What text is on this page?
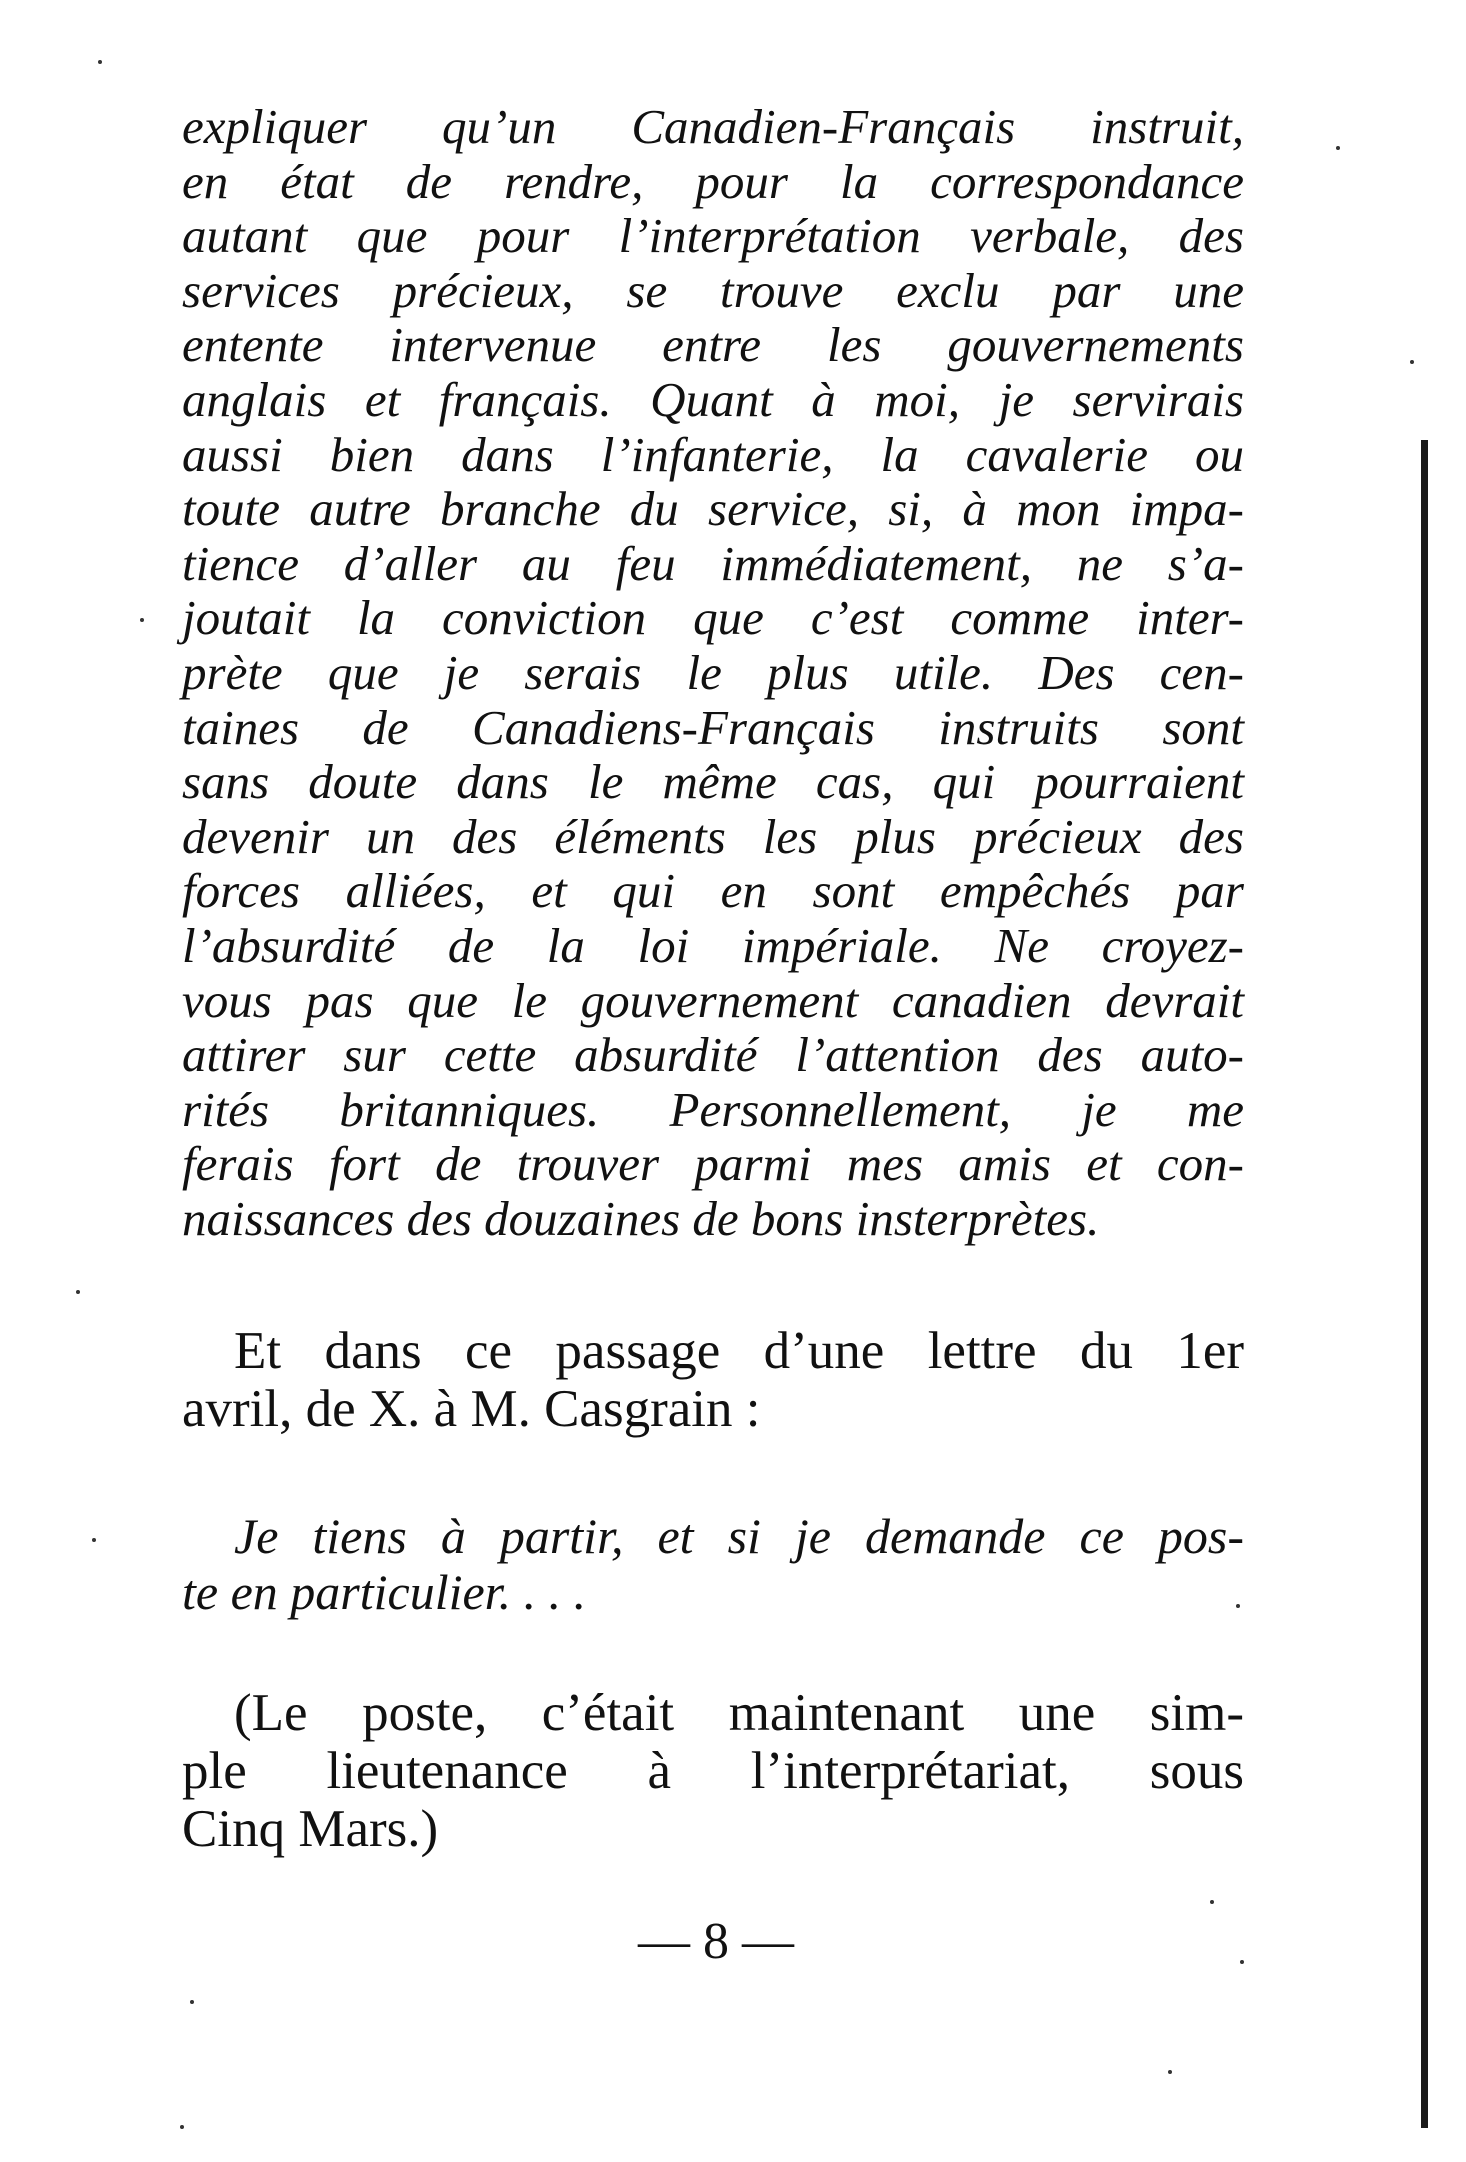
expliquer qu’un Canadien-Français instruit,
en état de rendre, pour la correspondance
autant que pour l’interprétation verbale, des
services précieux, se trouve exclu par une
entente intervenue entre les gouvernements
anglais et français. Quant à moi, je servirais
aussi bien dans l’infanterie, la cavalerie ou
toute autre branche du service, si, à mon impa-
tience d’aller au feu immédiatement, ne s’a-
joutait la conviction que c’est comme inter-
prète que je serais le plus utile. Des cen-
taines de Canadiens-Français instruits sont
sans doute dans le même cas, qui pourraient
devenir un des éléments les plus précieux des
forces alliées, et qui en sont empêchés par
l’absurdité de la loi impériale. Ne croyez-
vous pas que le gouvernement canadien devrait
attirer sur cette absurdité l’attention des auto-
rités britanniques. Personnellement, je me
ferais fort de trouver parmi mes amis et con-
naissances des douzaines de bons insterprètes.
Et dans ce passage d’une lettre du 1er
avril, de X. à M. Casgrain :
Je tiens à partir, et si je demande ce pos-
te en particulier. . . .
(Le poste, c’était maintenant une sim-
ple lieutenance à l’interprétariat, sous
Cinq Mars.)
— 8 —
